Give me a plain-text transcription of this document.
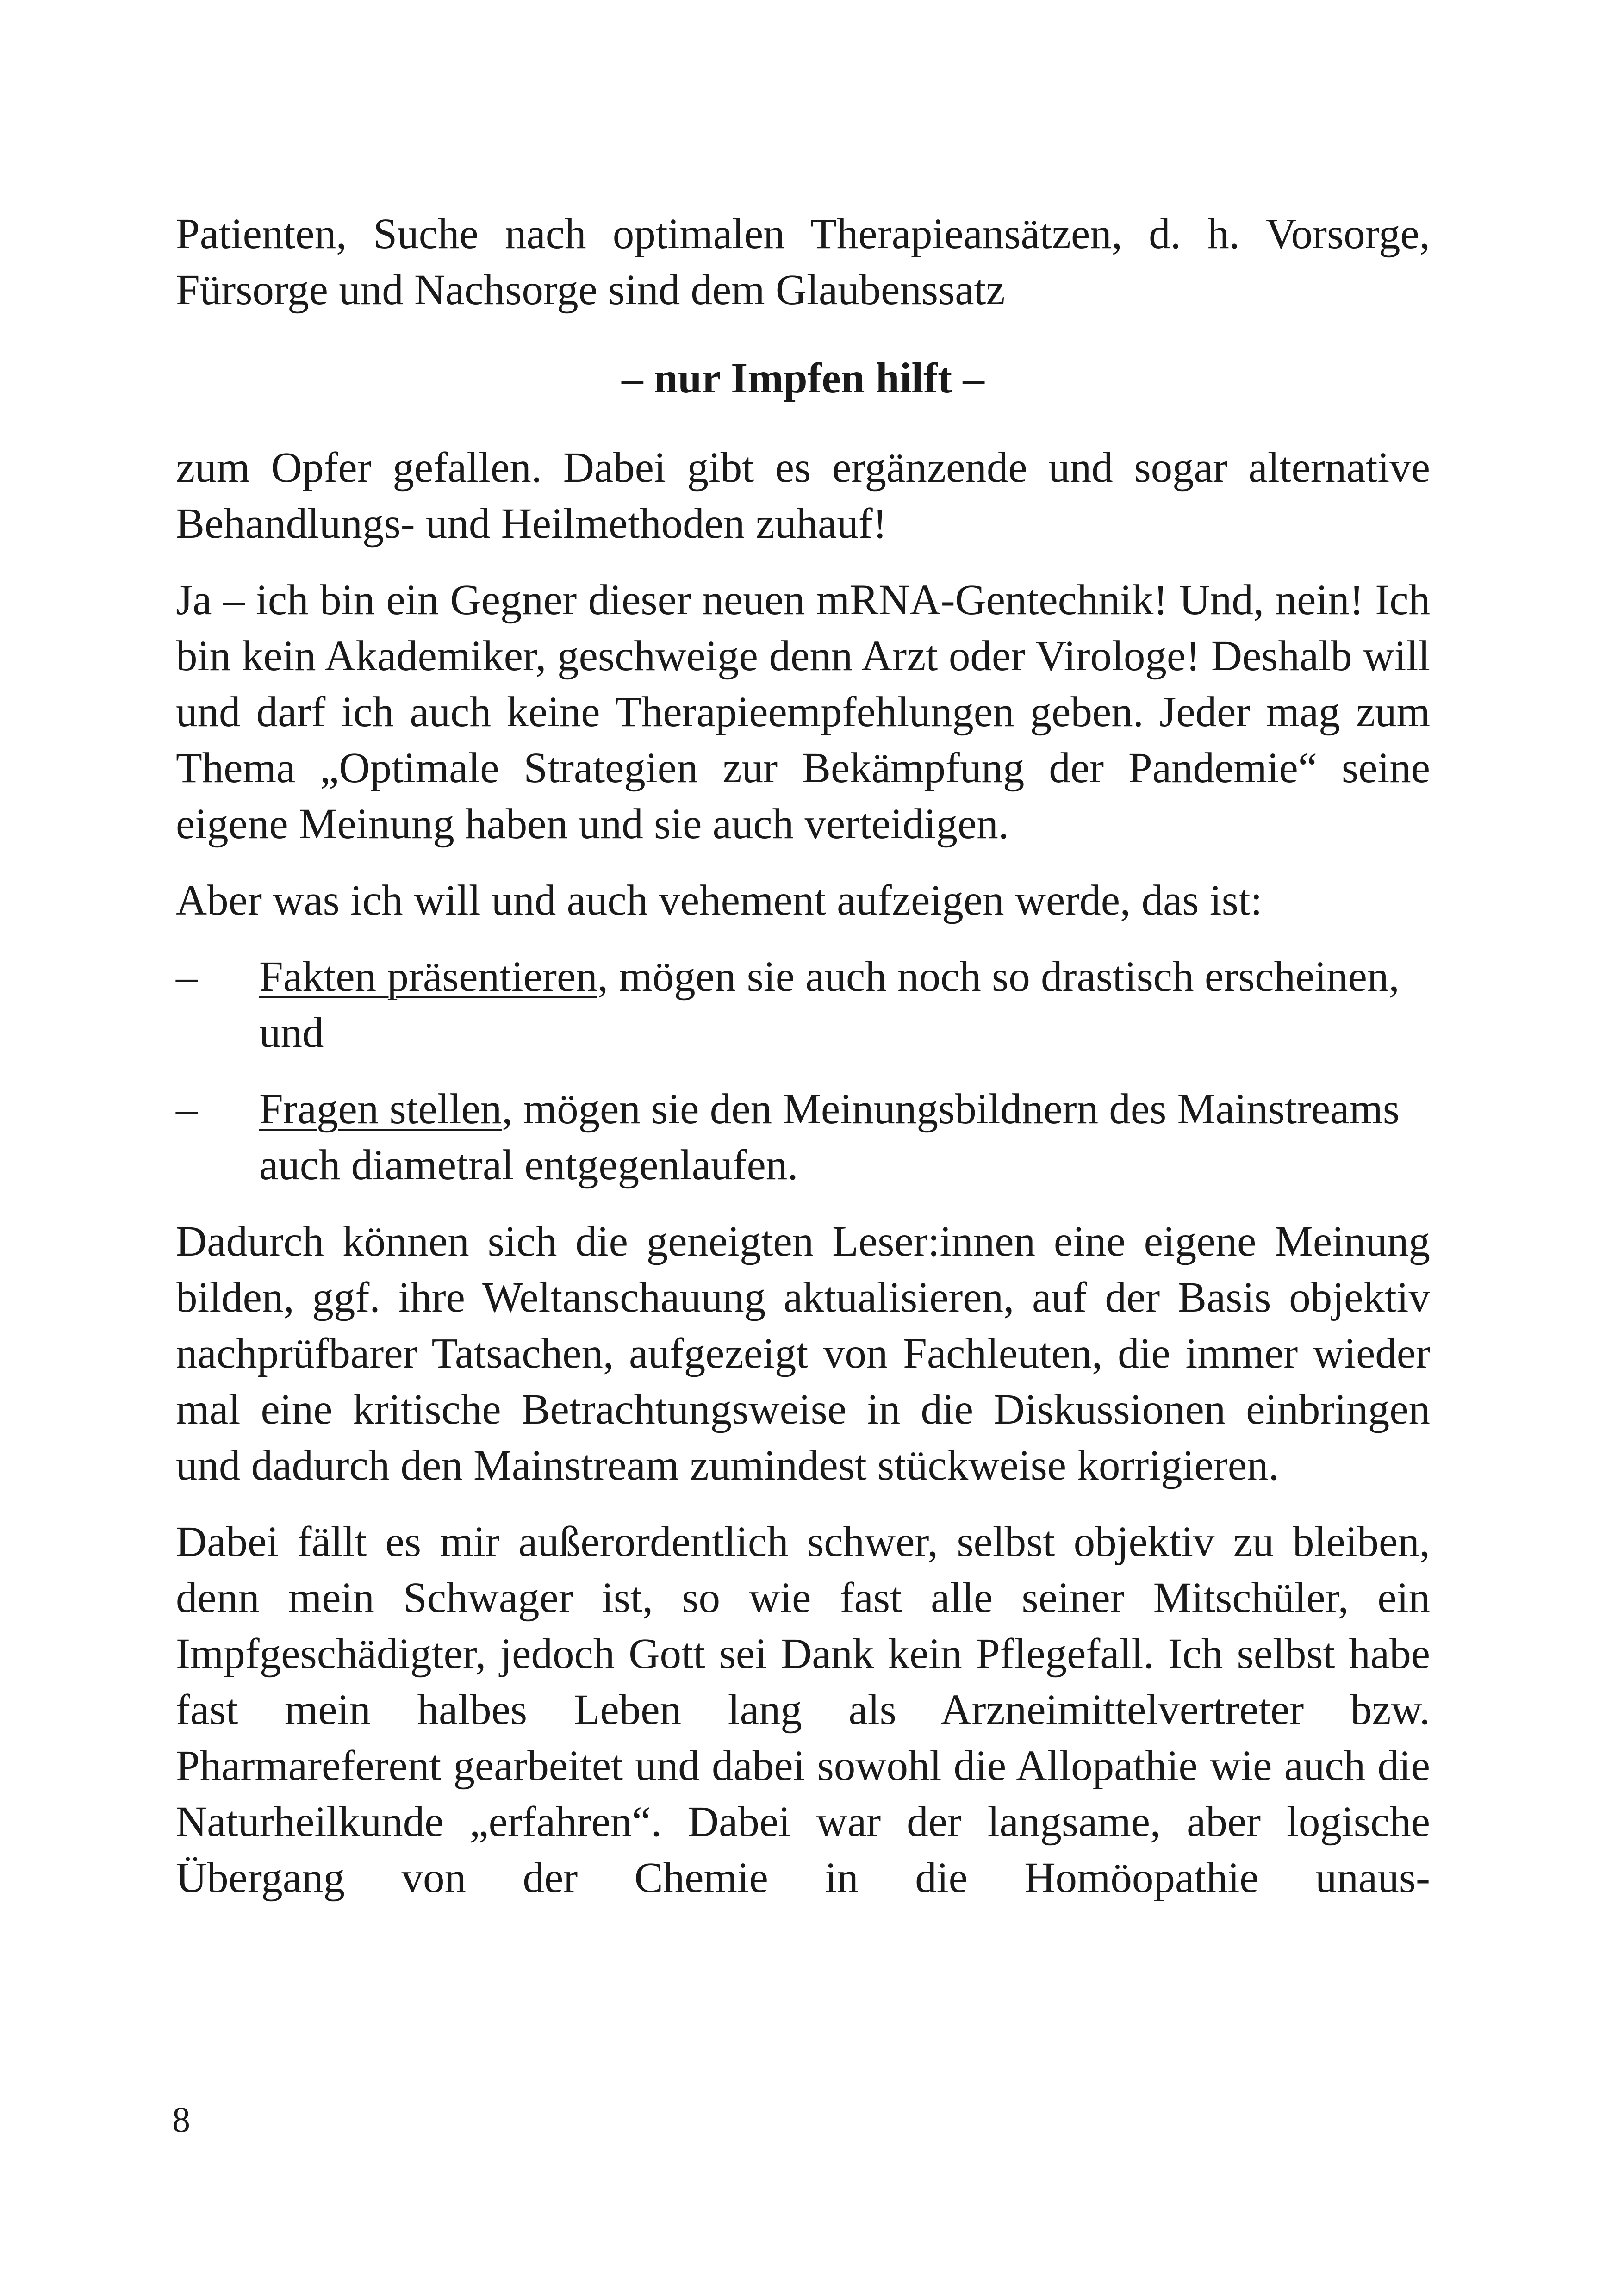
Patienten, Suche nach optimalen Therapieansätzen, d. h. Vorsorge, Fürsorge und Nachsorge sind dem Glaubenssatz

– nur Impfen hilft –

zum Opfer gefallen. Dabei gibt es ergänzende und sogar alternative Behandlungs- und Heilmethoden zuhauf!

Ja – ich bin ein Gegner dieser neuen mRNA-Gentechnik! Und, nein! Ich bin kein Akademiker, geschweige denn Arzt oder Virologe! Deshalb will und darf ich auch keine Therapieempfehlungen geben. Jeder mag zum Thema „Optimale Strategien zur Bekämpfung der Pandemie“ seine eigene Meinung haben und sie auch verteidigen.

Aber was ich will und auch vehement aufzeigen werde, das ist:

– Fakten präsentieren, mögen sie auch noch so drastisch erscheinen, und
– Fragen stellen, mögen sie den Meinungsbildnern des Mainstreams auch diametral entgegenlaufen.

Dadurch können sich die geneigten Leser:innen eine eigene Meinung bilden, ggf. ihre Weltanschauung aktualisieren, auf der Basis objektiv nachprüfbarer Tatsachen, aufgezeigt von Fachleuten, die immer wieder mal eine kritische Betrachtungsweise in die Diskussionen einbringen und dadurch den Mainstream zumindest stückweise korrigieren.

Dabei fällt es mir außerordentlich schwer, selbst objektiv zu bleiben, denn mein Schwager ist, so wie fast alle seiner Mitschüler, ein Impfgeschädigter, jedoch Gott sei Dank kein Pflegefall. Ich selbst habe fast mein halbes Leben lang als Arzneimittelvertreter bzw. Pharmareferent gearbeitet und dabei sowohl die Allopathie wie auch die Naturheilkunde „erfahren“. Dabei war der langsame, aber logische Übergang von der Chemie in die Homöopathie unaus-

8
